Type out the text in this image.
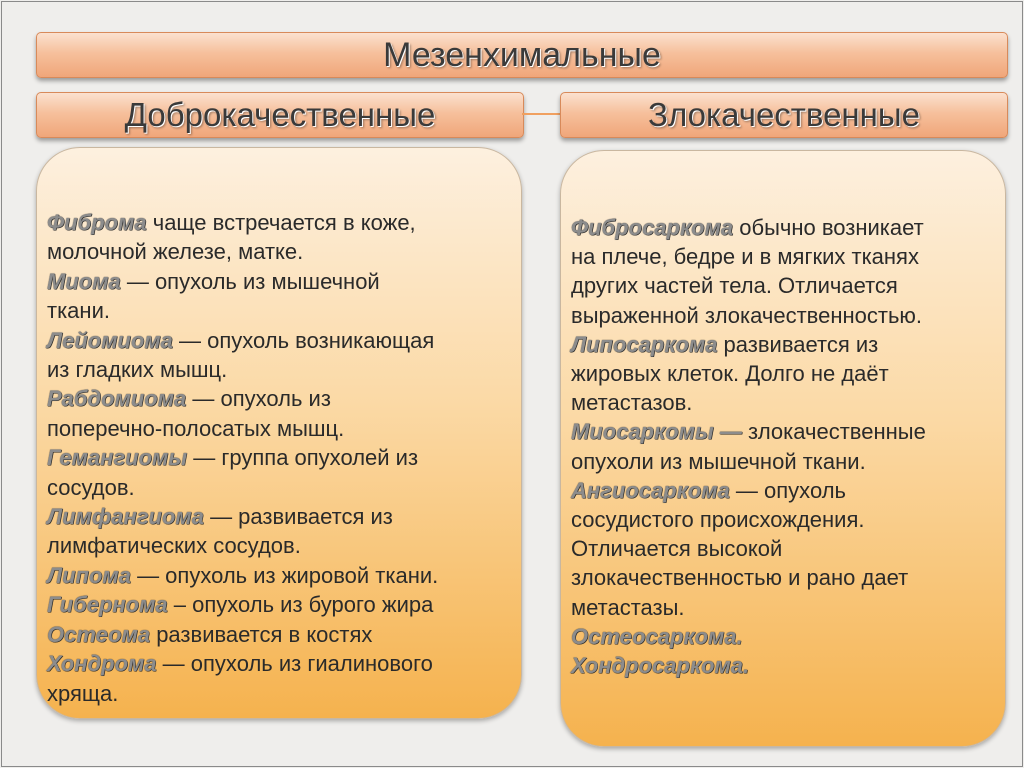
Мезенхимальные
Доброкачественные	Злокачественные
Фиброма чаще встречается в коже,
молочной железе, матке.
Миома — опухоль из мышечной
ткани.
Лейомиома — опухоль возникающая
из гладких мышц.
Рабдомиома — опухоль из
поперечно-полосатых мышц.
Гемангиомы — группа опухолей из
сосудов.
Лимфангиома — развивается из
лимфатических сосудов.
Липома — опухоль из жировой ткани.
Гибернома – опухоль из бурого жира
Остеома развивается в костях
Хондрома — опухоль из гиалинового
хряща.
Фибросаркома обычно возникает
на плече, бедре и в мягких тканях
других частей тела. Отличается
выраженной злокачественностью.
Липосаркома развивается из
жировых клеток. Долго не даёт
метастазов.
Миосаркомы — злокачественные
опухоли из мышечной ткани.
Ангиосаркома — опухоль
сосудистого происхождения.
Отличается высокой
злокачественностью и рано дает
метастазы.
Остеосаркома.
Хондросаркома.
